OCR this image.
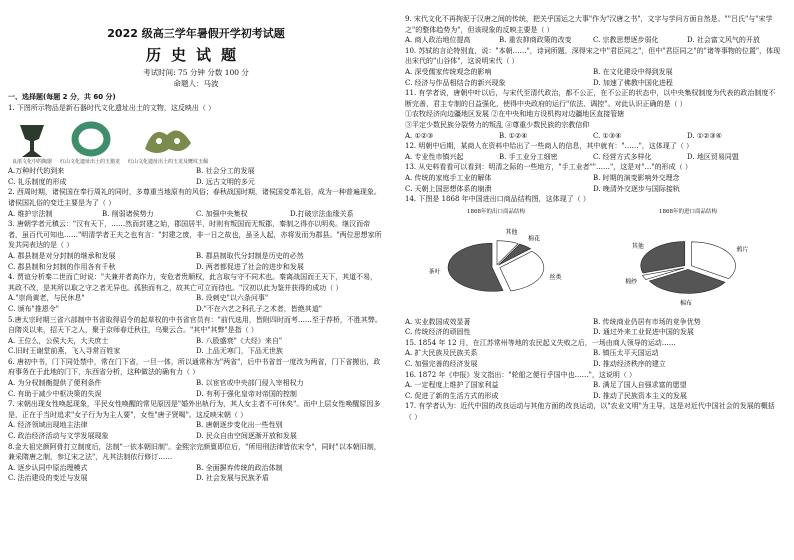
2022 级高三学年暑假开学初考试题
历史试题
考试时间: 75 分钟 分数 100 分
命题人：马波
一、选择题(每题 2 分，共 60 分)

1. 下图所示物品是新石器时代文化遗址出土的文物，这反映出（ ）

良渚文化中的陶器 红山文化遗址出土的玉猪龙 红山文化遗址出土的玉龙及鹰纹玉佩
A.万种时代的到来	B. 社会分工的发展
C. 礼乐制度的形成	D. 远古文明的多元

2. 西周时期，诸侯国在奉行周礼的同时，多尊重当地原有的风俗；春秋战国时期，诸侯国变革礼俗，成为一种普遍现象。诸侯国礼俗的变迁主要是为了（ ）

A. 维护宗法制	B. 削弱诸侯势力	C. 加强中央集权	D.打破宗法血缘关系

3. 唐朝学者元稹云："汉有天下，……然而封建之始，郡国居半，时则有叛国而无叛郡，秦制之得亦以明矣。继汉而帝者，虽百代可知也……"明清学者王夫之也有言："封建之废，非一日之故也，虽圣人起，亦将发而为郡县。"两位思想家所发共同表达的是（ ）

A. 郡县制是对分封制的继承和发展	B. 郡县制取代分封制是历史的必然
C. 郡县制和分封制的作用各有千秋	D. 两者都促进了社会的进步和发展

4. 贾谊分析秦二世而亡时说："夫兼并者高诈力，安危者贵顺权，此言取与守不同术也。秦离战国而王天下，其道不易，其政不改，是其所以取之守之者无异也。孤独而有之，故其亡可立而待也。"汉初以此为鉴并获得的成功（ ）

A."崇尚黄老，与民休息"	B. 设刺史"以六条问事"
C. 颁布"推恩令"	D."不在六艺之科孔子之术者，皆绝其道"

5.唐太宗时期三省六部制中书省取得诏令的起草权的中书省官员有："前代选用，皆附四时而考……至于荐桥，不胜其弊。自隋炎以来，招天下之人，聚于京师春迁秋往，乌聚云合。"其中"其弊"是指（ ）

A. 王位么，公侯大夫，大夫庶士	B. 八股盛衰"《大经》来自"
C.旧时王谢堂前燕，飞入寻常百姓家	D. 上品无寒门，下品无世族

6. 唐初中书，门下同处禁中，常在门下省，一旦一体，所以通常称为"两省"，后中书省首一度改为两省，门下省搬出，政府事务在于此地的门下，东西省分析，这种做法的确有力（ ）

A. 为分权制衡提供了便利条件	B. 以宦官或中央部门侵入宰相权力
C. 有助于减少中枢决策的失误	D. 有利于强化皇帝对帝国的控制

7. 宋朝出现女性唤起现象，平民女性唤醒的常见原因是"婚外出轨行为，其人女主者不可休矣"。而中上层女性唤醒原因多是，正在于当时追求"女子行为为主人要"，女性"唐子贤喝"。这反映宋朝（ ）

A. 经济领域出现地主法律	B. 唐朝逐步变化出一些性别
C. 政治经济活动与文学发展现象	D. 民众自由空间逐渐开放和发展

8.金大祖完颜阿骨打立制度后，法制"一依本朝旧制"。金熙宗完颜亶即位后，"所用刑法律皆依宋令"，同时"以本朝旧制，兼采隋唐之制，参辽宋之法"，凡其法制依行修订……

A. 逐步认同中原治理模式	B. 全面摒弃传统的政治体制
C. 法治建设的变迁与发展	D. 社会发展与民族矛盾

9. 宋代文化不再拘泥于汉唐之间的传统，把关乎国运之大事"作为"汉唐之书"，文字与学问方面自然是。""吕氏"与"宋学之"的整体趋势为"，但该现象的反映主要是（ ）

A. 商人政治地位提高	B. 重农抑商政策的改变	C. 宗教思想逐步弱化	D. 社会富文风气的开放

10. 苏轼的言论特别直，说："本朝……"，诗词所题，深得宋之中"君臣同之"，但中"君臣同之"的"诸等事物的位置"，体现出宋代的"山谷体"，这说明宋代（ ）

A. 深受儒家传统观念的影响	B. 在文化建设中得到发展
C. 经济与作品相结合的新兴现象	D. 加速了佛教中国化进程

11. 有学者说，唐朝中叶以后，与宋代至清代政治，都不公正，在不公正的状态中，以中央集权制度为代表的政治制度不断完善，君主专制的日益强化，使得中央政府的运行"依法、调控"。对此认识正确的是（ ）

①农牧经济向边疆地区发展 ②在中央和地方设机构对边疆地区直接管辖

③平定少数民族分裂势力的叛乱 ④尊重少数民族的宗教信仰

A. ①②③	B. ①②④	C. ①③④	D. ①②③④

12. 明朝中后期，某商人在资料中给出了一些商人的信息，其中就有："……"，这体现了（ ）

A. 专业性市镇兴起	B. 手工业分工细密	C. 经营方式多样化	D. 地区贸易同盟

13. 从史料看看可以看到：明清之际的一些地方，"手工业者""……"，这是对"…"的形成（ ）

A. 传统的家庭手工业的解体	B. 时期的演变影响外交理念
C. 天朝上国思想体系的崩溃	D. 晚清外交逐步与国际接轨

14. 下图是 1868 年中国进出口商品结构图，这体现了（ ）

1868年的出口商品结构
其他
棉花
丝类
茶叶
1868年的进口商品结构
鸦片
棉布
棉纱
其他
A. 实业救国成效显著	B. 传统商业仍居有市场的竞争优势
C. 传统经济的顽固性	D. 通过外来工业促进中国的发展

15. 1854 年 12 月，在江苏常州等地的农民起义失败之后，一场由商人领导的运动……

A. 扩大民族及民族关系	B. 镇压太平天国运动
C. 加强完善的经济发展	D. 推动经济秩序的建立

16. 1872 年《申报》发文指出："轮船之便行乎国中也……"，这说明（ ）

A. 一定程度上维护了国家利益	B. 满足了国人自强求富的愿望
C. 促进了新的生活方式的形成	D. 推动了民族资本主义的发展

17. 有学者认为：近代中国的改良运动与其他方面的改良运动，以"农业文明"为主导，这是对近代中国社会的发展的概括（ ）
